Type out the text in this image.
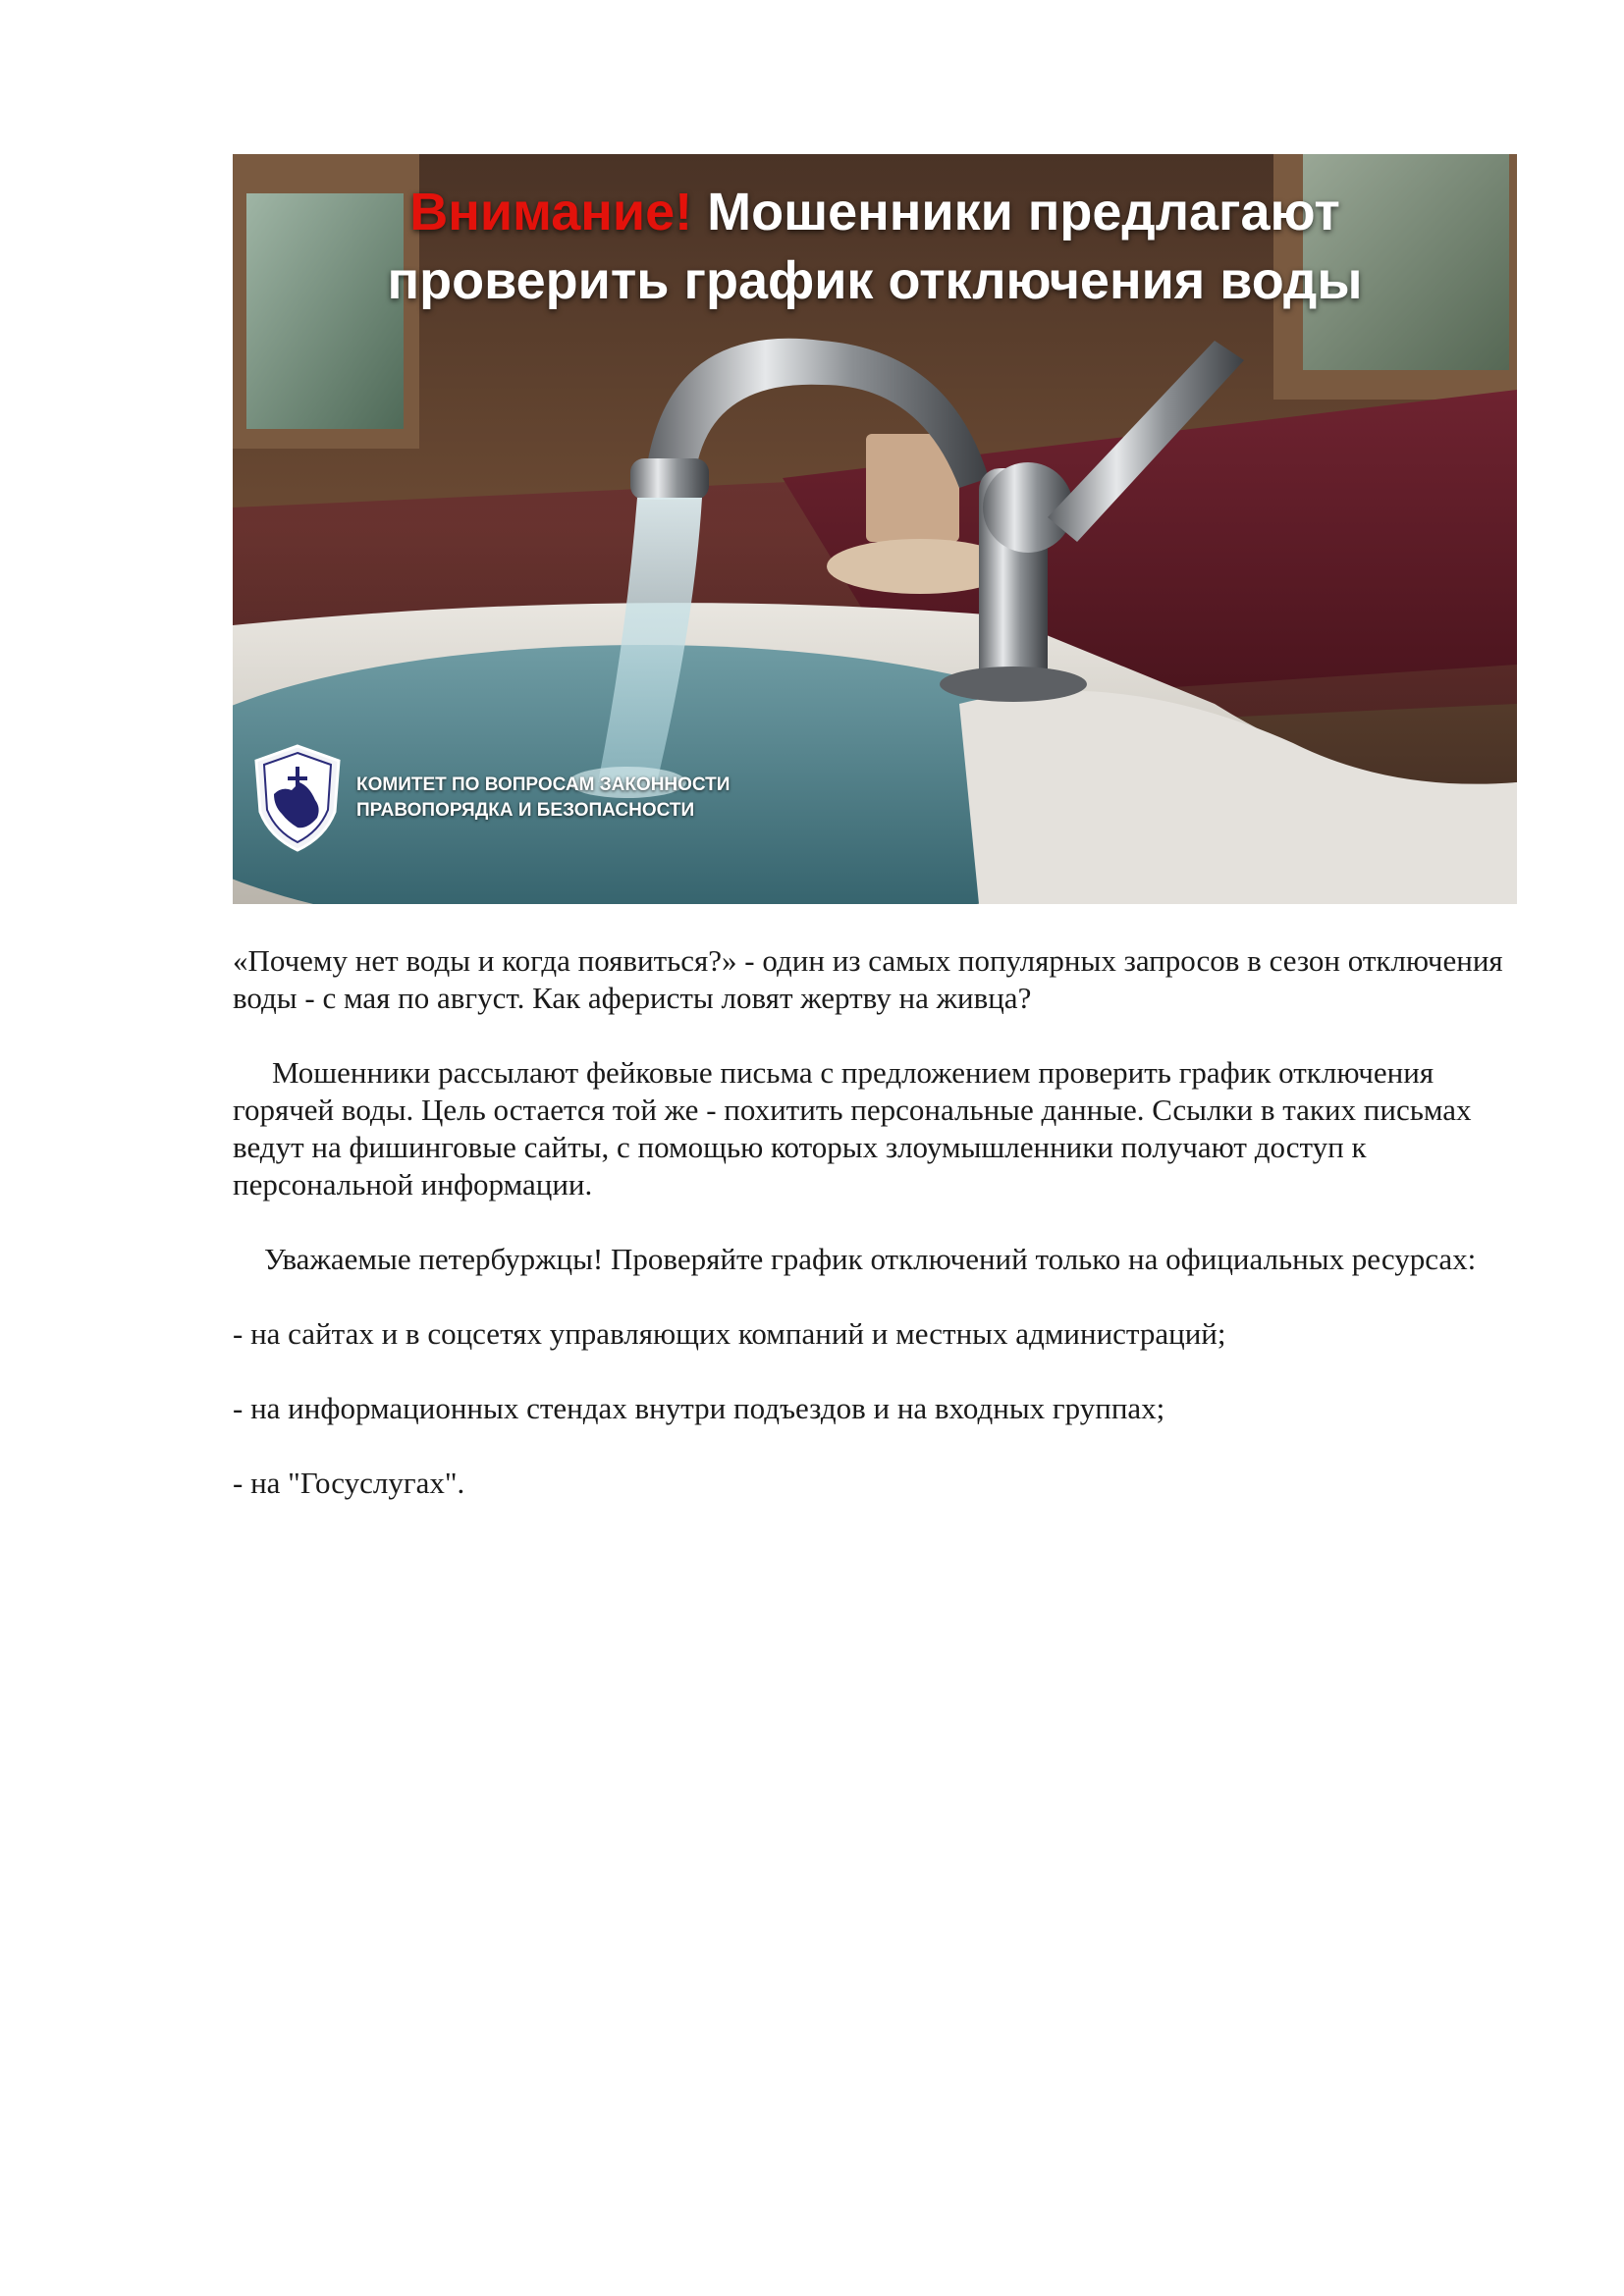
Внимание! Мошенники предлагают
проверить график отключения воды
КОМИТЕТ ПО ВОПРОСАМ ЗАКОННОСТИ
ПРАВОПОРЯДКА И БЕЗОПАСНОСТИ

«Почему нет воды и когда появиться?» - один из самых популярных запросов в сезон отключения воды - с мая по август. Как аферисты ловят жертву на живца?

Мошенники рассылают фейковые письма с предложением проверить график отключения горячей воды. Цель остается той же - похитить персональные данные. Ссылки в таких письмах ведут на фишинговые сайты, с помощью которых злоумышленники получают доступ к персональной информации.

Уважаемые петербуржцы! Проверяйте график отключений только на официальных ресурсах:

- на сайтах и в соцсетях управляющих компаний и местных администраций;

- на информационных стендах внутри подъездов и на входных группах;

- на "Госуслугах".
